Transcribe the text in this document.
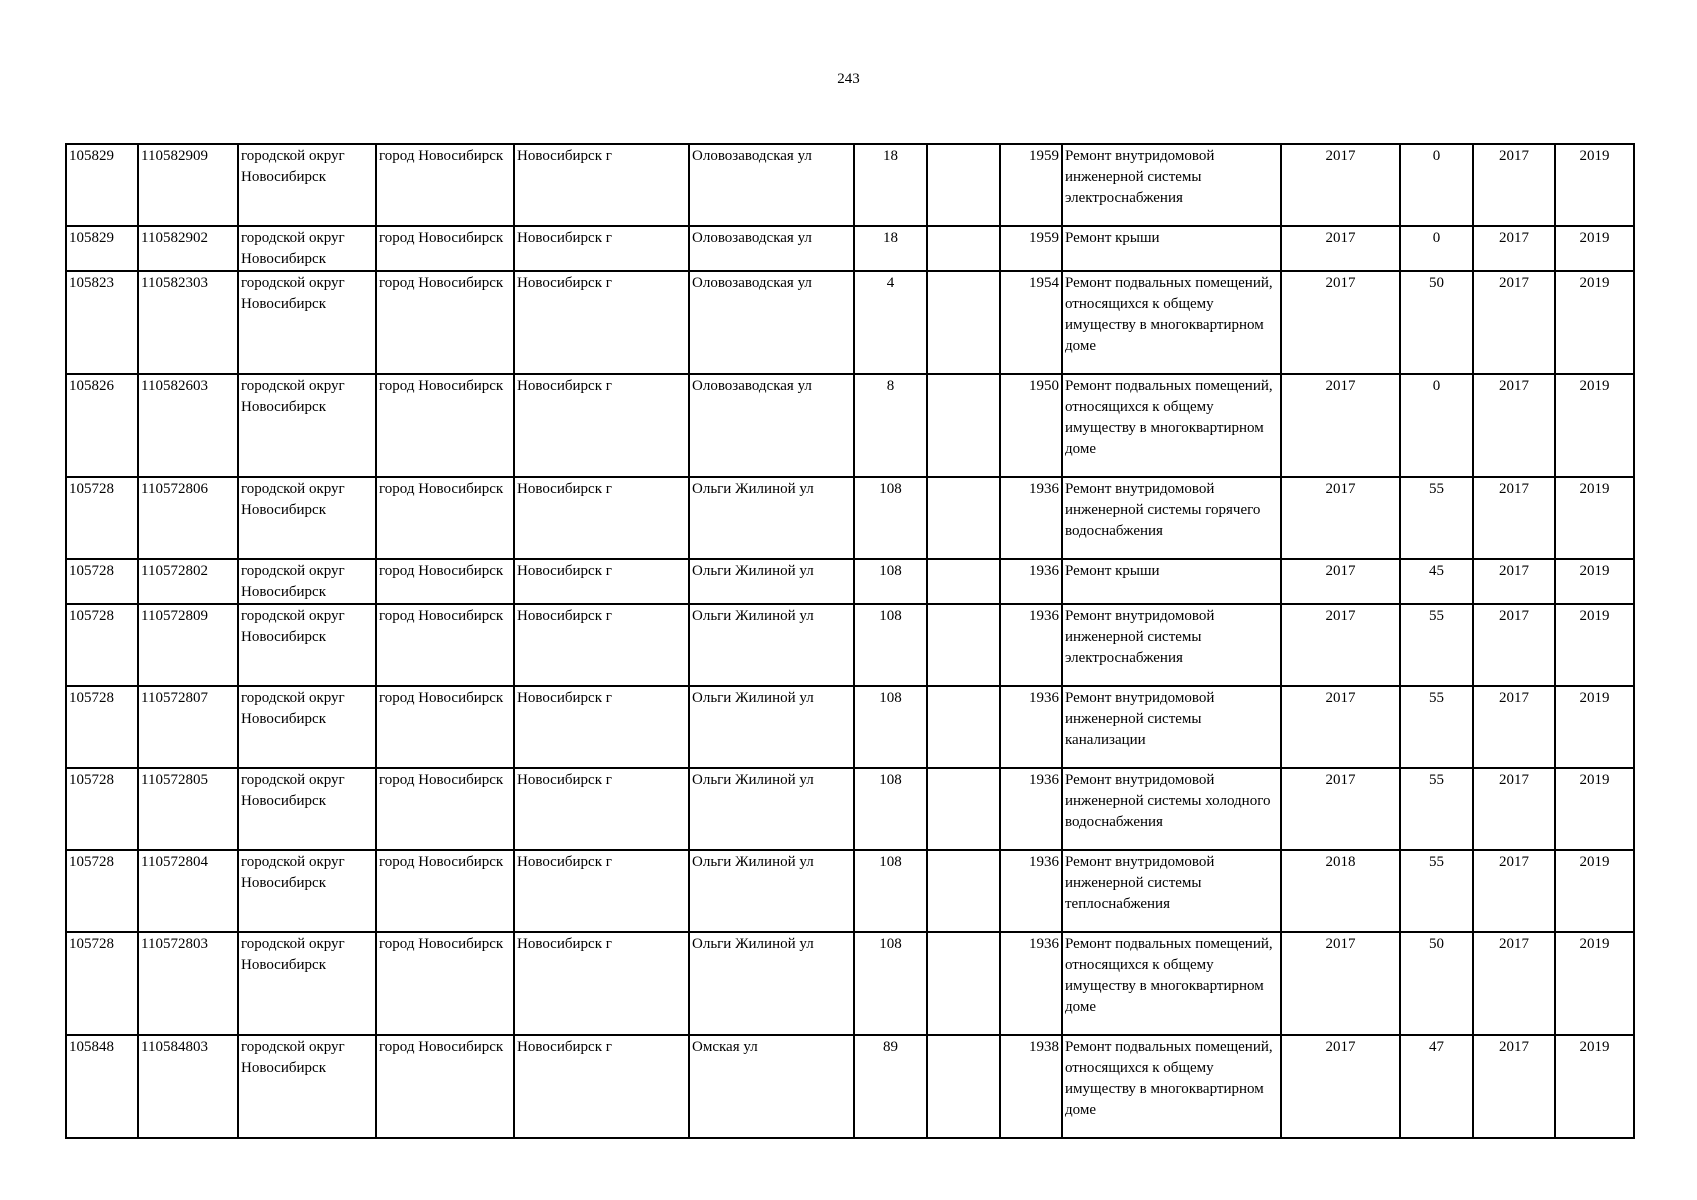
243
105829	110582909	городской округ Новосибирск	город Новосибирск	Новосибирск г	Оловозаводская ул	18		1959	Ремонт внутридомовой инженерной системы электроснабжения	2017	0	2017	2019
105829	110582902	городской округ Новосибирск	город Новосибирск	Новосибирск г	Оловозаводская ул	18		1959	Ремонт крыши	2017	0	2017	2019
105823	110582303	городской округ Новосибирск	город Новосибирск	Новосибирск г	Оловозаводская ул	4		1954	Ремонт подвальных помещений, относящихся к общему имуществу в многоквартирном доме	2017	50	2017	2019
105826	110582603	городской округ Новосибирск	город Новосибирск	Новосибирск г	Оловозаводская ул	8		1950	Ремонт подвальных помещений, относящихся к общему имуществу в многоквартирном доме	2017	0	2017	2019
105728	110572806	городской округ Новосибирск	город Новосибирск	Новосибирск г	Ольги Жилиной ул	108		1936	Ремонт внутридомовой инженерной системы горячего водоснабжения	2017	55	2017	2019
105728	110572802	городской округ Новосибирск	город Новосибирск	Новосибирск г	Ольги Жилиной ул	108		1936	Ремонт крыши	2017	45	2017	2019
105728	110572809	городской округ Новосибирск	город Новосибирск	Новосибирск г	Ольги Жилиной ул	108		1936	Ремонт внутридомовой инженерной системы электроснабжения	2017	55	2017	2019
105728	110572807	городской округ Новосибирск	город Новосибирск	Новосибирск г	Ольги Жилиной ул	108		1936	Ремонт внутридомовой инженерной системы канализации	2017	55	2017	2019
105728	110572805	городской округ Новосибирск	город Новосибирск	Новосибирск г	Ольги Жилиной ул	108		1936	Ремонт внутридомовой инженерной системы холодного водоснабжения	2017	55	2017	2019
105728	110572804	городской округ Новосибирск	город Новосибирск	Новосибирск г	Ольги Жилиной ул	108		1936	Ремонт внутридомовой инженерной системы теплоснабжения	2018	55	2017	2019
105728	110572803	городской округ Новосибирск	город Новосибирск	Новосибирск г	Ольги Жилиной ул	108		1936	Ремонт подвальных помещений, относящихся к общему имуществу в многоквартирном доме	2017	50	2017	2019
105848	110584803	городской округ Новосибирск	город Новосибирск	Новосибирск г	Омская ул	89		1938	Ремонт подвальных помещений, относящихся к общему имуществу в многоквартирном доме	2017	47	2017	2019
